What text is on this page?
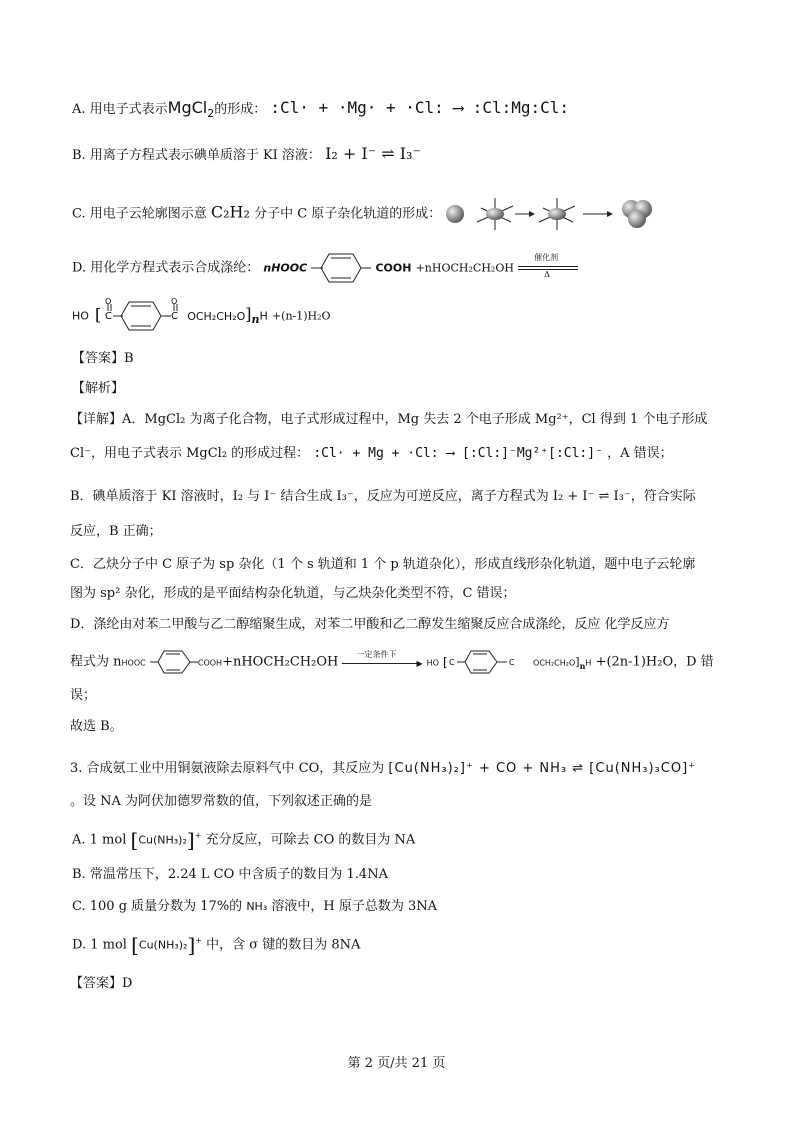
A. 用电子式表示MgCl$_2$的形成： :Cl· + ·Mg· + ·Cl: ⟶ :Cl:Mg:Cl:
B. 用离子方程式表示碘单质溶于 KI 溶液： I₂ + I⁻ ⇌ I₃⁻
C. 用电子云轮廓图示意 C₂H₂ 分子中 C 原子杂化轨道的形成：
D. 用化学方程式表示合成涤纶： nHOOC	COOH +nHOCH₂CH₂OH
催化剂
Δ
HO [ C
O
C
O
$OCH_2CH_2O]_nH +(n-1)H_2O$
【答案】B
【解析】
【详解】A．MgCl₂ 为离子化合物，电子式形成过程中，Mg 失去 2 个电子形成 Mg²⁺，Cl 得到 1 个电子形成
Cl⁻，用电子式表示 MgCl₂ 的形成过程： :Cl· + Mg + ·Cl: ⟶ [:Cl:]⁻Mg²⁺[:Cl:]⁻ ，A 错误；
B．碘单质溶于 KI 溶液时，I₂ 与 I⁻ 结合生成 I₃⁻，反应为可逆反应，离子方程式为 I₂ + I⁻ ⇌ I₃⁻，符合实际
反应，B 正确；
C．乙炔分子中 C 原子为 sp 杂化（1 个 s 轨道和 1 个 p 轨道杂化），形成直线形杂化轨道，题中电子云轮廓
图为 sp² 杂化，形成的是平面结构杂化轨道，与乙炔杂化类型不符，C 错误；
D．涤纶由对苯二甲酸与乙二醇缩聚生成，对苯二甲酸和乙二醇发生缩聚反应合成涤纶，反应 化学反应方
程式为 nHOOC	COOH+nHOCH₂CH₂OH 一定条件下
▶ HO [ C	C $OCH_2CH_2O]_nH +(2n-1)H_2O$，D 错
误；
故选 B。
3. 合成氨工业中用铜氨液除去原料气中 CO，其反应为 [Cu(NH₃)₂]⁺ + CO + NH₃ ⇌ [Cu(NH₃)₃CO]⁺
。设 NA 为阿伏加德罗常数的值，下列叙述正确的是
A. 1 mol [Cu(NH₃)₂]+ 充分反应，可除去 CO 的数目为 NA
B. 常温常压下，2.24 L CO 中含质子的数目为 1.4NA
C. 100 g 质量分数为 17%的 NH₃ 溶液中，H 原子总数为 3NA
D. 1 mol [Cu(NH₃)₂]+ 中，含 σ 键的数目为 8NA
【答案】D
第 2 页/共 21 页
